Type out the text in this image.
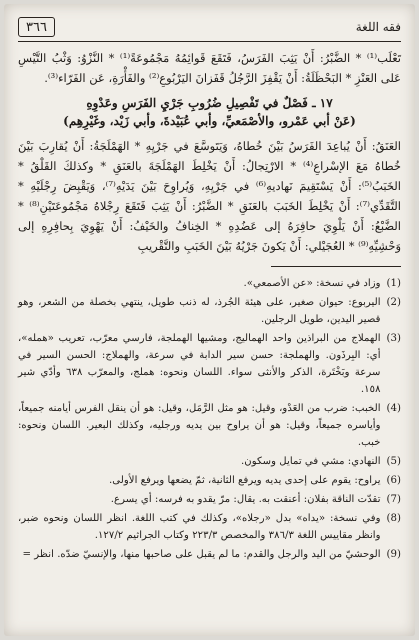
٣٦٦	فقه اللغة

تَعْلَب⁽¹⁾ * الضَّبْرُ: أَنْ يَثِبَ الفَرَسُ، فَتَقَعَ قَوائِمُهُ مَجْمُوعَةً⁽¹⁾ * النَّزْوُ: وَثْبُ التَّيْسِ عَلى العَنْزِ * البَحْظَلَةُ: أَنْ يَقْفِزَ الرَّجُلُ قَفَزانَ اليَرْبُوعِ⁽²⁾ والفَأْرَةِ، عَن الفَرّاء⁽³⁾.

١٧ ـ فَصْلٌ في تَفْصِيلِ ضُرُوبِ جَرْيِ الفَرَسِ وعَدْوِهِ

(عَنْ أبي عَمْرو، والأصْمَعيِّ، وأبي عُبَيْدةَ، وأبي زَيْد، وغَيْرِهِم)

العَنَقُ: أَنْ يُباعِدَ الفَرَسُ بَيْنَ خُطاهُ، وَيَتَوسَّعَ في جَرْيِهِ * الهَمْلَجَةُ: أَنْ يُقارِبَ بَيْنَ خُطاهُ مَعَ الإسْراعِ⁽⁴⁾ * الارْتِجالُ: أَنْ يَخْلِطَ الهَمْلَجَةَ بالعَنَقِ * وكذلكَ القَلْقُ * الخَبَبُ⁽⁵⁾: أَنْ يَسْتَقِيمَ نَهاديهِ⁽⁶⁾ في جَرْيِهِ، وَيُراوِحَ بَيْنَ يَدَيْهِ⁽⁷⁾، وَيَقْبِضَ رِجْلَيْهِ * التَّقَدِّي⁽⁷⁾: أَنْ يَخْلِطَ الخَبَبَ بالعَنَقِ * الضَّبْرُ: أَنْ يَثِبَ فَتَقَعَ رِجْلاهُ مَجْمُوعَتَيْنِ⁽⁸⁾ * الضَّبْعُ: أَنْ يَلْوِيَ حافِرَهُ إلى عَضُدِهِ * الخِنافُ والخَيْفُ: أَنْ يَهْوِيَ بِحافِرِهِ إلى وَحْشِيِّهِ⁽⁹⁾ * العُجَيْلي: أَنْ يَكونَ جَرْيُهُ بَيْنَ الخَبَبِ والتَّقْريبِ

(1)
وزاد في نسخة: «عن الأصمعي».
(2)
اليربوع: حيوان صغير، على هيئة الجُرذ، له ذنب طويل، ينتهي بخصلة من الشعر، وهو قصير اليدين، طويل الرجلين.
(3)
الهملاج من البراذين واحد الهماليج، ومشيها الهملجة، فارسي معرّب، تعريب «همله»، أي: البِرذَون. والهملجة: حسن سير الدابة في سرعة، والهملاج: الحسن السير في سرعة وبَخْتَرة، الذكر والأنثى سواء. اللسان ونحوه: هملج، والمعرّب ٦٣٨ وأدّي شير ١٥٨.
(4)
الخبب: ضرب من العَدْو، وقيل: هو مثل الرَّمَل، وقيل: هو أن ينقل الفرس أيامنه جميعاً، وأياسره جميعاً، وقيل: هو أن يراوح بين يديه ورجليه، وكذلك البعير. اللسان ونحوه: خبب.
(5)
النهادي: مشي في تمايل وسكون.
(6)
يراوح: يقوم على إحدى يديه ويرفع الثانية، ثمّ يضعها ويرفع الأولى.
(7)
تقدّت الناقة بفلان: أعنقت به. يقال: مرّ يقدو به فرسه: أي يسرع.
(8)
وفي نسخة: «يداه» بدل «رجلاه»، وكذلك في كتب اللغة. انظر اللسان ونحوه ضبر، وانظر مقاييس اللغة ٣٨٦/٣ والمخصص ٢٢٣/٣ وكتاب الجراثيم ١٢٧/٢.
(9)
الوحشيّ من اليد والرجل والقدم: ما لم يقبل على صاحبها منها، والإنسيّ ضدّه. انظر =
